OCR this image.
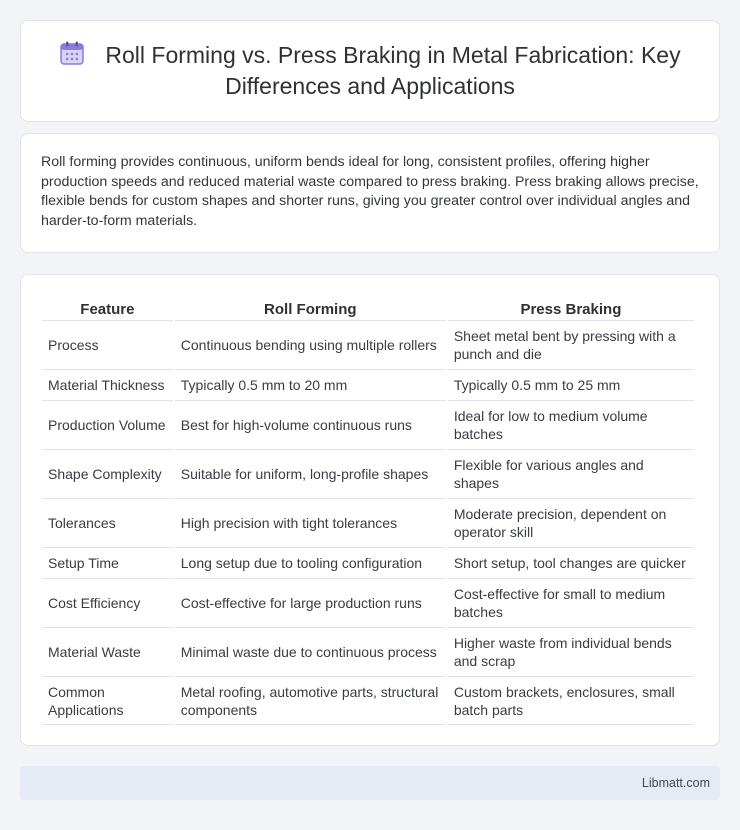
Roll Forming vs. Press Braking in Metal Fabrication: Key Differences and Applications

Roll forming provides continuous, uniform bends ideal for long, consistent profiles, offering higher production speeds and reduced material waste compared to press braking. Press braking allows precise, flexible bends for custom shapes and shorter runs, giving you greater control over individual angles and harder-to-form materials.

Feature	Roll Forming	Press Braking
Process	Continuous bending using multiple rollers	Sheet metal bent by pressing with a punch and die
Material Thickness	Typically 0.5 mm to 20 mm	Typically 0.5 mm to 25 mm
Production Volume	Best for high-volume continuous runs	Ideal for low to medium volume batches
Shape Complexity	Suitable for uniform, long-profile shapes	Flexible for various angles and shapes
Tolerances	High precision with tight tolerances	Moderate precision, dependent on operator skill
Setup Time	Long setup due to tooling configuration	Short setup, tool changes are quicker
Cost Efficiency	Cost-effective for large production runs	Cost-effective for small to medium batches
Material Waste	Minimal waste due to continuous process	Higher waste from individual bends and scrap
Common Applications	Metal roofing, automotive parts, structural components	Custom brackets, enclosures, small batch parts
Libmatt.com
